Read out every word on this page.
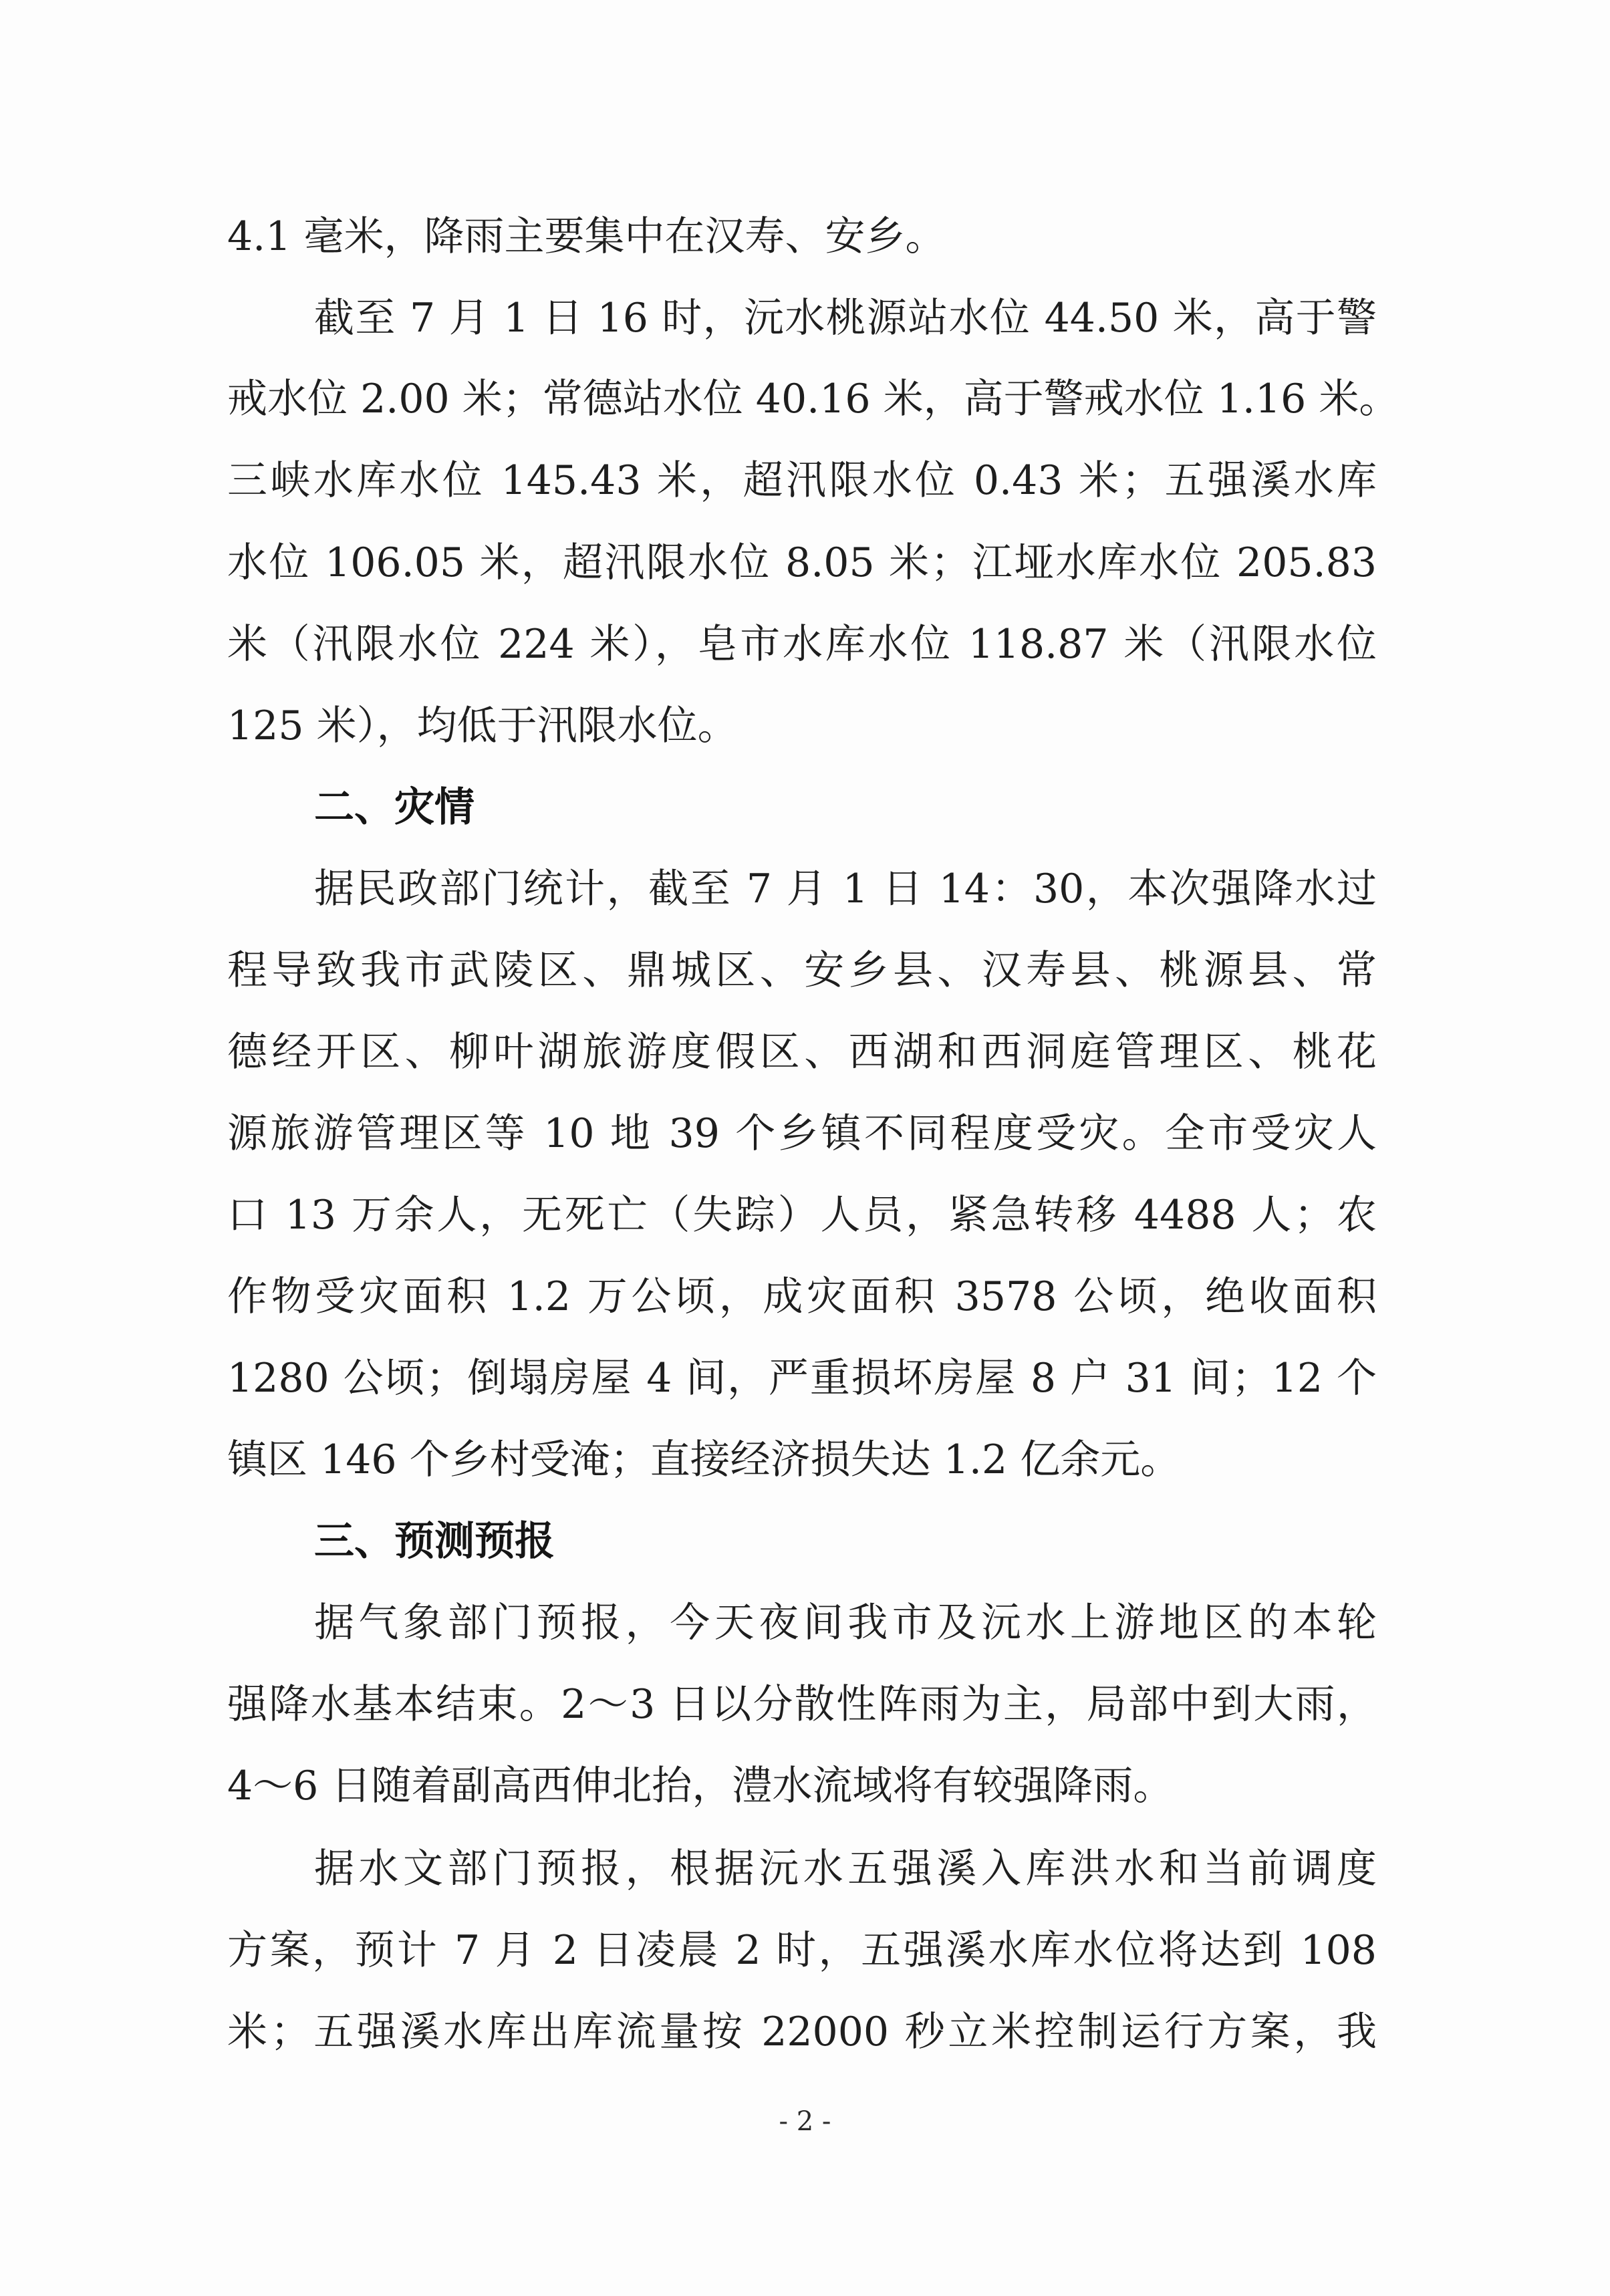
4.1 毫米，降雨主要集中在汉寿、安乡。
截至 7 月 1 日 16 时，沅水桃源站水位 44.50 米，高于警
戒水位 2.00 米；常德站水位 40.16 米，高于警戒水位 1.16 米。
三峡水库水位 145.43 米，超汛限水位 0.43 米；五强溪水库
水位 106.05 米，超汛限水位 8.05 米；江垭水库水位 205.83
米（汛限水位 224 米），皂市水库水位 118.87 米（汛限水位
125 米），均低于汛限水位。
二、灾情
据民政部门统计，截至 7 月 1 日 14：30，本次强降水过
程导致我市武陵区、鼎城区、安乡县、汉寿县、桃源县、常
德经开区、柳叶湖旅游度假区、西湖和西洞庭管理区、桃花
源旅游管理区等 10 地 39 个乡镇不同程度受灾。全市受灾人
口 13 万余人，无死亡（失踪）人员，紧急转移 4488 人；农
作物受灾面积 1.2 万公顷，成灾面积 3578 公顷，绝收面积
1280 公顷；倒塌房屋 4 间，严重损坏房屋 8 户 31 间；12 个
镇区 146 个乡村受淹；直接经济损失达 1.2 亿余元。
三、预测预报
据气象部门预报，今天夜间我市及沅水上游地区的本轮
强降水基本结束。2～3 日以分散性阵雨为主，局部中到大雨，
4～6 日随着副高西伸北抬，澧水流域将有较强降雨。
据水文部门预报，根据沅水五强溪入库洪水和当前调度
方案，预计 7 月 2 日凌晨 2 时，五强溪水库水位将达到 108
米；五强溪水库出库流量按 22000 秒立米控制运行方案，我
- 2 -
